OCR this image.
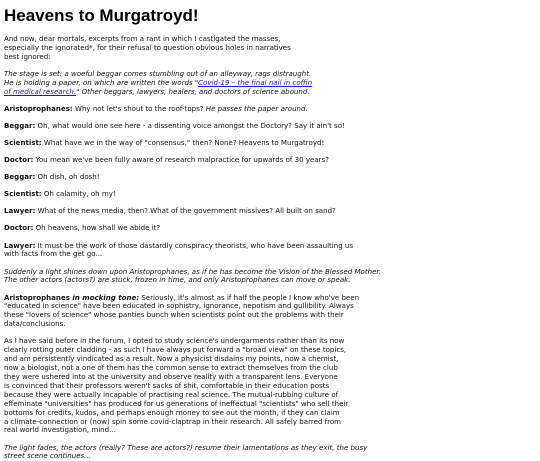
Heavens to Murgatroyd!

And now, dear mortals, excerpts from a rant in which I castigated the masses,
especially the ignorated*, for their refusal to question obvious holes in narratives
best ignored:

The stage is set: a woeful beggar comes stumbling out of an alleyway, rags distraught.
He is holding a paper, on which are written the words "Covid-19 – the final nail in coffin
of medical research." Other beggars, lawyers, healers, and doctors of science abound.

Aristoprophanes: Why not let's shout to the roof-tops? He passes the paper around.

Beggar: Oh, what would one see here - a dissenting voice amongst the Doctory? Say it ain't so!

Scientist: What have we in the way of "consensus," then? None? Heavens to Murgatroyd!

Doctor: You mean we've been fully aware of research malpractice for upwards of 30 years?

Beggar: Oh dish, oh dosh!

Scientist: Oh calamity, oh my!

Lawyer: What of the news media, then? What of the government missives? All built on sand?

Doctor: Oh heavens, how shall we abide it?

Lawyer: It must be the work of those dastardly conspiracy theorists, who have been assaulting us
with facts from the get go...

Suddenly a light shines down upon Aristoprophanes, as if he has become the Vision of the Blessed Mother.
The other actors (actors?) are stuck, frozen in time, and only Aristoprophanes can move or speak.

Aristoprophanes in mocking tone: Seriously, it's almost as if half the people I know who've been
"educated in science" have been educated in sophistry, ignorance, nepotism and gullibility. Always
these "lovers of science" whose panties bunch when scientists point out the problems with their
data/conclusions.

As I have said before in the forum, I opted to study science's undergarments rather than its now
clearly rotting outer cladding - as such I have always put forward a "broad view" on these topics,
and am persistently vindicated as a result. Now a physicist disdains my points, now a chemist,
now a biologist, not a one of them has the common sense to extract themselves from the club
they were ushered into at the university and observe reality with a transparent lens. Everyone
is convinced that their professors weren't sacks of shit, comfortable in their education posts
because they were actually incapable of practising real science. The mutual-rubbing culture of
effeminate "universities" has produced for us generations of ineffectual "scientists" who sell their
bottoms for credits, kudos, and perhaps enough money to see out the month, if they can claim
a climate-connection or (now) spin some covid-claptrap in their research. All safely barred from
real world investigation, mind...

The light fades, the actors (really? These are actors?) resume their lamentations as they exit, the busy
street scene continues...
